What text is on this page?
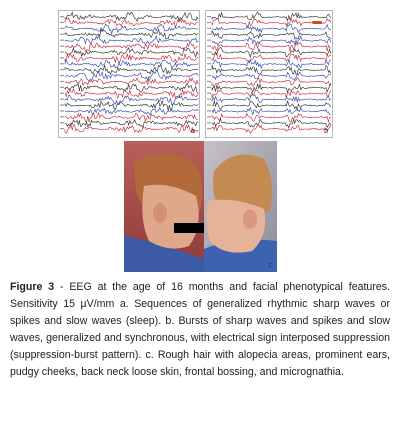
a	b
c
Figure 3 - EEG at the age of 16 months and facial phenotypical features. Sensitivity 15 µV/mm a. Sequences of generalized rhythmic sharp waves or spikes and slow waves (sleep). b. Bursts of sharp waves and spikes and slow waves, generalized and synchronous, with electrical sign interposed suppression (suppression-burst pattern). c. Rough hair with alopecia areas, prominent ears, pudgy cheeks, back neck loose skin, frontal bossing, and micrognathia.
